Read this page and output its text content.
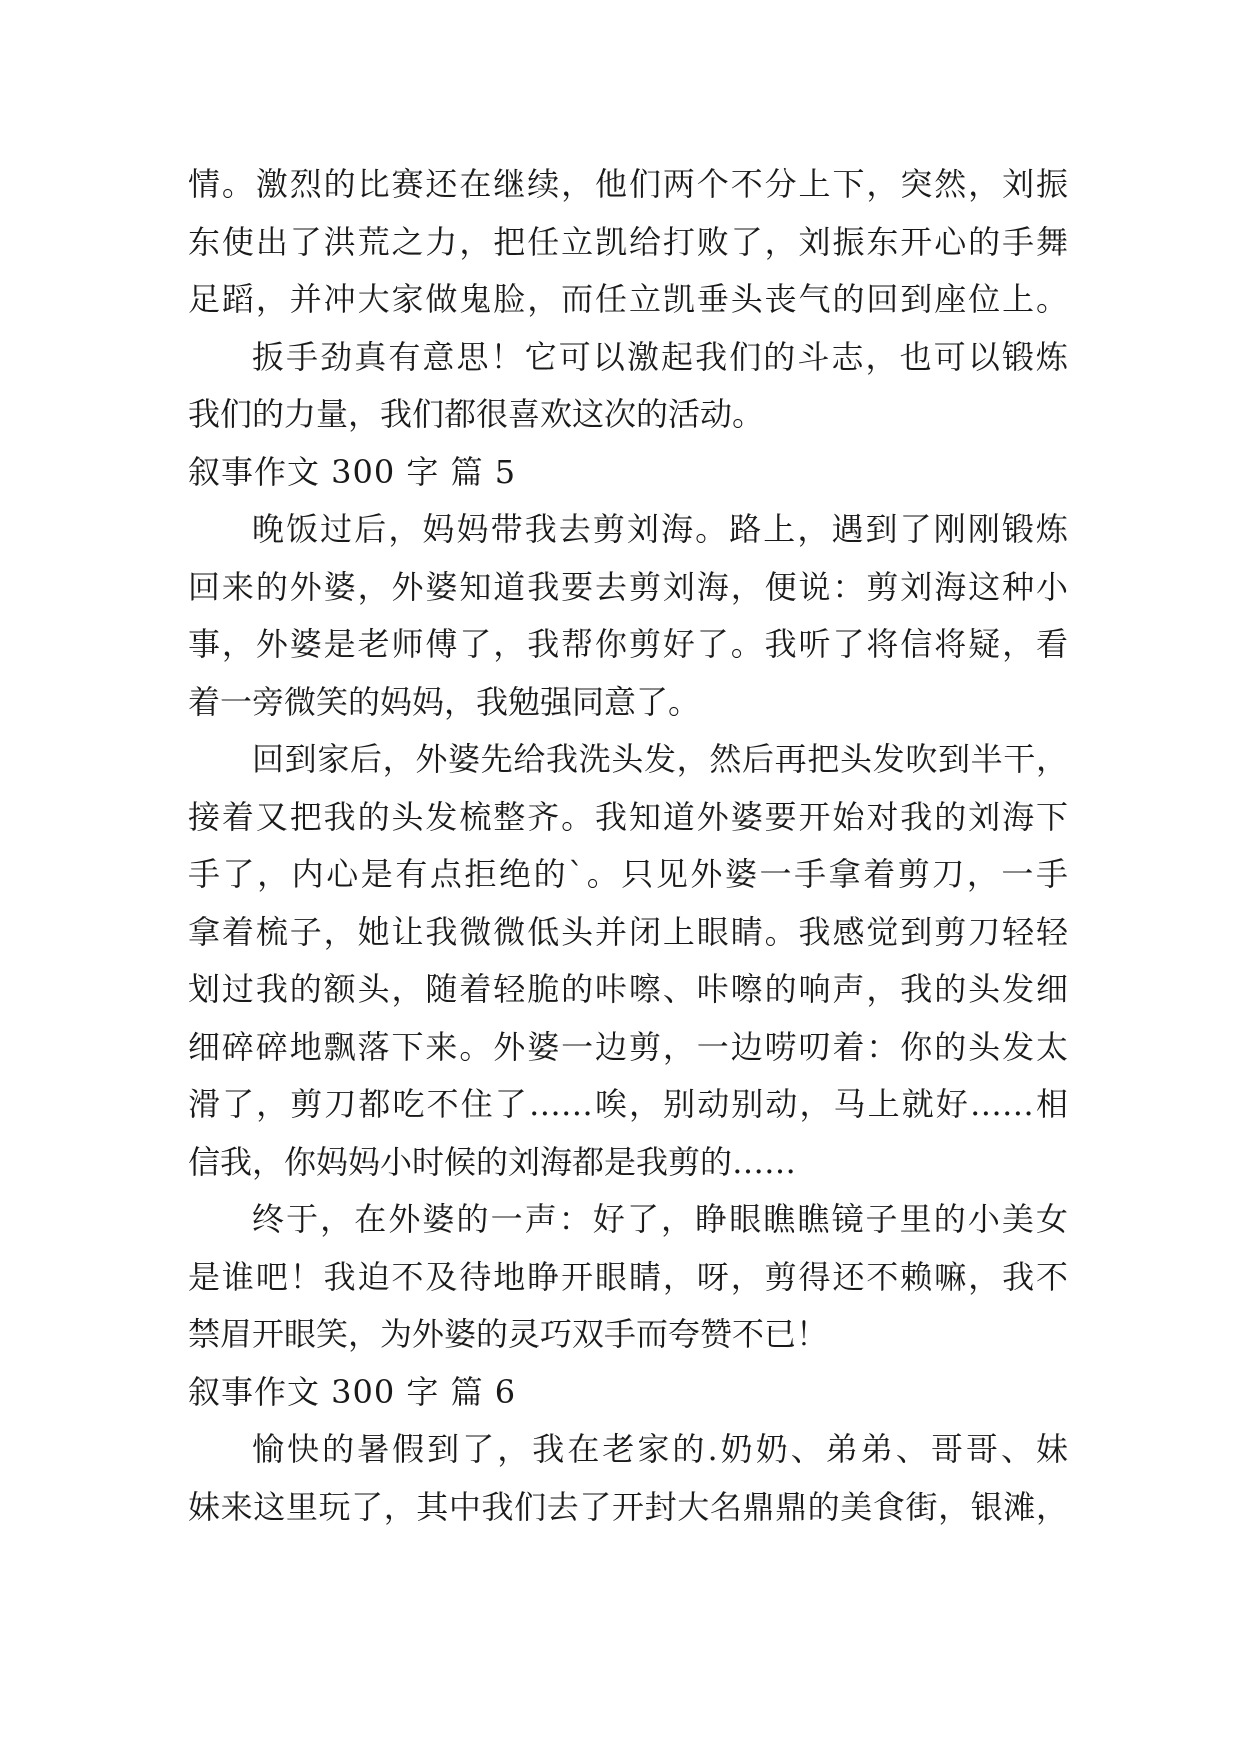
情。激烈的比赛还在继续，他们两个不分上下，突然，刘振
东使出了洪荒之力，把任立凯给打败了，刘振东开心的手舞
足蹈，并冲大家做鬼脸，而任立凯垂头丧气的回到座位上。
扳手劲真有意思！它可以激起我们的斗志，也可以锻炼
我们的力量，我们都很喜欢这次的活动。
叙事作文 300 字 篇 5
晚饭过后，妈妈带我去剪刘海。路上，遇到了刚刚锻炼
回来的外婆，外婆知道我要去剪刘海，便说：剪刘海这种小
事，外婆是老师傅了，我帮你剪好了。我听了将信将疑，看
着一旁微笑的妈妈，我勉强同意了。
回到家后，外婆先给我洗头发，然后再把头发吹到半干，
接着又把我的头发梳整齐。我知道外婆要开始对我的刘海下
手了，内心是有点拒绝的`。只见外婆一手拿着剪刀，一手
拿着梳子，她让我微微低头并闭上眼睛。我感觉到剪刀轻轻
划过我的额头，随着轻脆的咔嚓、咔嚓的响声，我的头发细
细碎碎地飘落下来。外婆一边剪，一边唠叨着：你的头发太
滑了，剪刀都吃不住了……唉，别动别动，马上就好……相
信我，你妈妈小时候的刘海都是我剪的……
终于，在外婆的一声：好了，睁眼瞧瞧镜子里的小美女
是谁吧！我迫不及待地睁开眼睛，呀，剪得还不赖嘛，我不
禁眉开眼笑，为外婆的灵巧双手而夸赞不已！
叙事作文 300 字 篇 6
愉快的暑假到了，我在老家的.奶奶、弟弟、哥哥、妹
妹来这里玩了，其中我们去了开封大名鼎鼎的美食街，银滩，
